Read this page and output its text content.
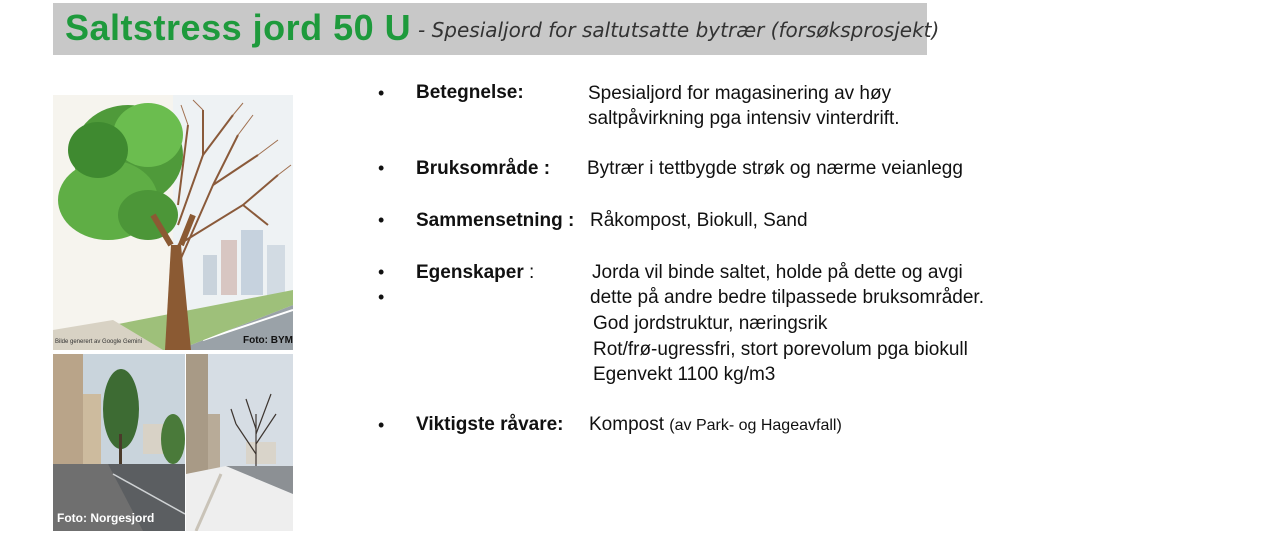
Saltstress jord 50 U - Spesialjord for saltutsatte bytrær (forsøksprosjekt)
Bilde generert av Google Gemini	Foto: BYM
Foto: Norgesjord
• Betegnelse:	Spesialjord for magasinering av høy
saltpåvirkning pga intensiv vinterdrift.
• Bruksområde : Bytrær i tettbygde strøk og nærme veianlegg
• Sammensetning : Råkompost, Biokull, Sand
•
•
Egenskaper :	Jorda vil binde saltet, holde på dette og avgi
dette på andre bedre tilpassede bruksområder.
God jordstruktur, næringsrik
Rot/frø-ugressfri, stort porevolum pga biokull
Egenvekt 1100 kg/m3
• Viktigste råvare: Kompost (av Park- og Hageavfall)
